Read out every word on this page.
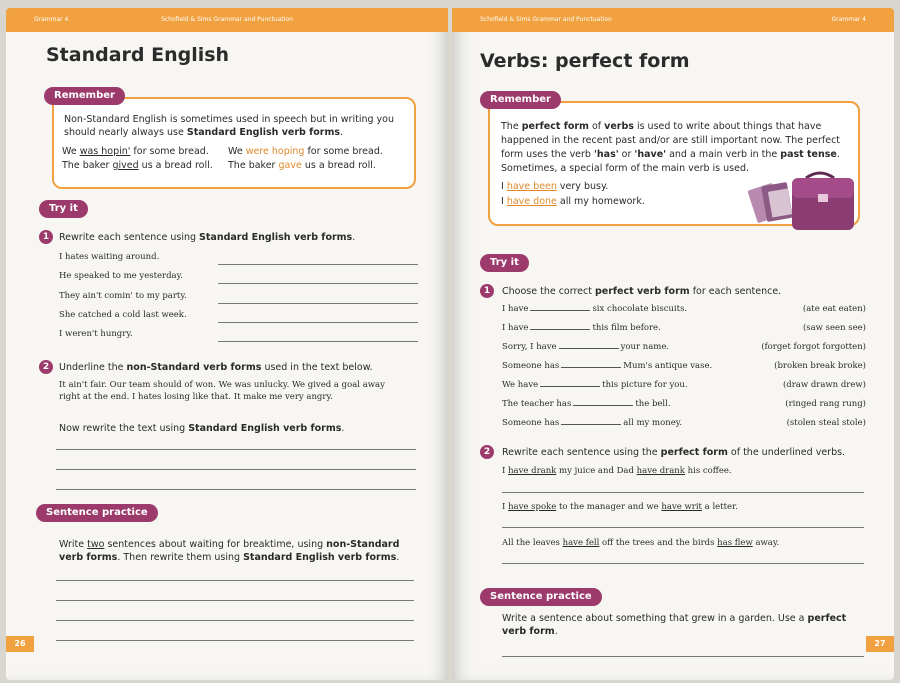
Grammar 4	Schofield & Sims Grammar and Punctuation
Standard English
Remember
Non-Standard English is sometimes used in speech but in writing you
should nearly always use Standard English verb forms.
We was hopin' for some bread. We were hoping for some bread.
The baker gived us a bread roll. The baker gave us a bread roll.
Try it
1	Rewrite each sentence using Standard English verb forms.
I hates waiting around.
He speaked to me yesterday.
They ain't comin' to my party.
She catched a cold last week.
I weren't hungry.
2	Underline the non-Standard verb forms used in the text below.
It ain't fair. Our team should of won. We was unlucky. We gived a goal away
right at the end. I hates losing like that. It make me very angry.
Now rewrite the text using Standard English verb forms.
Sentence practice
Write two sentences about waiting for breaktime, using non-Standard
verb forms. Then rewrite them using Standard English verb forms.
26
Schofield & Sims Grammar and Punctuation	Grammar 4
Verbs: perfect form
Remember
The perfect form of verbs is used to write about things that have
happened in the recent past and/or are still important now. The perfect
form uses the verb 'has' or 'have' and a main verb in the past tense.
Sometimes, a special form of the main verb is used.
I have been very busy.
I have done all my homework.
Try it
1	Choose the correct perfect verb form for each sentence.
I have	six chocolate biscuits.	(ate eat eaten)
I have	this film before.	(saw seen see)
Sorry, I have	your name.	(forget forgot forgotten)
Someone has	Mum's antique vase.	(broken break broke)
We have	this picture for you.	(draw drawn drew)
The teacher has	the bell.	(ringed rang rung)
Someone has	all my money.	(stolen steal stole)
2	Rewrite each sentence using the perfect form of the underlined verbs.
I have drank my juice and Dad have drank his coffee.
I have spoke to the manager and we have writ a letter.
All the leaves have fell off the trees and the birds has flew away.
Sentence practice
Write a sentence about something that grew in a garden. Use a perfect
verb form.
27
